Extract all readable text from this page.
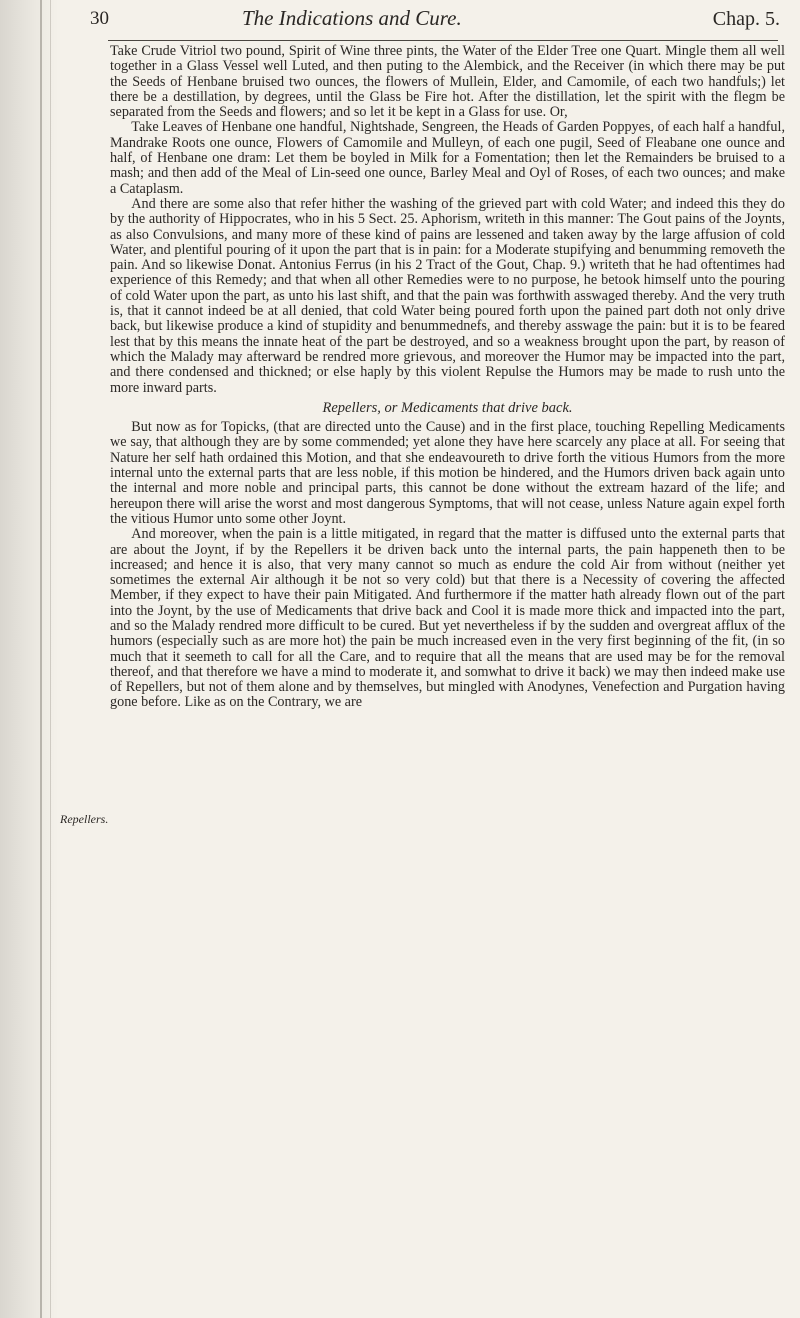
30	The Indications and Cure.	Chap. 5.
Repellers.

Take Crude Vitriol two pound, Spirit of Wine three pints, the Water of the Elder Tree one Quart. Mingle them all well together in a Glass Vessel well Luted, and then puting to the Alembick, and the Receiver (in which there may be put the Seeds of Henbane bruised two ounces, the flowers of Mullein, Elder, and Camomile, of each two handfuls;) let there be a destillation, by degrees, until the Glass be Fire hot. After the distillation, let the spirit with the flegm be separated from the Seeds and flowers; and so let it be kept in a Glass for use. Or,

Take Leaves of Henbane one handful, Nightshade, Sengreen, the Heads of Garden Poppyes, of each half a handful, Mandrake Roots one ounce, Flowers of Camomile and Mulleyn, of each one pugil, Seed of Fleabane one ounce and half, of Henbane one dram: Let them be boyled in Milk for a Fomentation; then let the Remainders be bruised to a mash; and then add of the Meal of Lin-seed one ounce, Barley Meal and Oyl of Roses, of each two ounces; and make a Cataplasm.

And there are some also that refer hither the washing of the grieved part with cold Water; and indeed this they do by the authority of Hippocrates, who in his 5 Sect. 25. Aphorism, writeth in this manner: The Gout pains of the Joynts, as also Convulsions, and many more of these kind of pains are lessened and taken away by the large affusion of cold Water, and plentiful pouring of it upon the part that is in pain: for a Moderate stupifying and benumming removeth the pain. And so likewise Donat. Antonius Ferrus (in his 2 Tract of the Gout, Chap. 9.) writeth that he had oftentimes had experience of this Remedy; and that when all other Remedies were to no purpose, he betook himself unto the pouring of cold Water upon the part, as unto his last shift, and that the pain was forthwith asswaged thereby. And the very truth is, that it cannot indeed be at all denied, that cold Water being poured forth upon the pained part doth not only drive back, but likewise produce a kind of stupidity and benummednefs, and thereby asswage the pain: but it is to be feared lest that by this means the innate heat of the part be destroyed, and so a weakness brought upon the part, by reason of which the Malady may afterward be rendred more grievous, and moreover the Humor may be impacted into the part, and there condensed and thickned; or else haply by this violent Repulse the Humors may be made to rush unto the more inward parts.

Repellers, or Medicaments that drive back.

But now as for Topicks, (that are directed unto the Cause) and in the first place, touching Repelling Medicaments we say, that although they are by some commended; yet alone they have here scarcely any place at all. For seeing that Nature her self hath ordained this Motion, and that she endeavoureth to drive forth the vitious Humors from the more internal unto the external parts that are less noble, if this motion be hindered, and the Humors driven back again unto the internal and more noble and principal parts, this cannot be done without the extream hazard of the life; and hereupon there will arise the worst and most dangerous Symptoms, that will not cease, unless Nature again expel forth the vitious Humor unto some other Joynt.

And moreover, when the pain is a little mitigated, in regard that the matter is diffused unto the external parts that are about the Joynt, if by the Repellers it be driven back unto the internal parts, the pain happeneth then to be increased; and hence it is also, that very many cannot so much as endure the cold Air from without (neither yet sometimes the external Air although it be not so very cold) but that there is a Necessity of covering the affected Member, if they expect to have their pain Mitigated. And furthermore if the matter hath already flown out of the part into the Joynt, by the use of Medicaments that drive back and Cool it is made more thick and impacted into the part, and so the Malady rendred more difficult to be cured. But yet nevertheless if by the sudden and overgreat afflux of the humors (especially such as are more hot) the pain be much increased even in the very first beginning of the fit, (in so much that it seemeth to call for all the Care, and to require that all the means that are used may be for the removal thereof, and that therefore we have a mind to moderate it, and somwhat to drive it back) we may then indeed make use of Repellers, but not of them alone and by themselves, but mingled with Anodynes, Venefection and Purgation having gone before. Like as on the Contrary, we are
